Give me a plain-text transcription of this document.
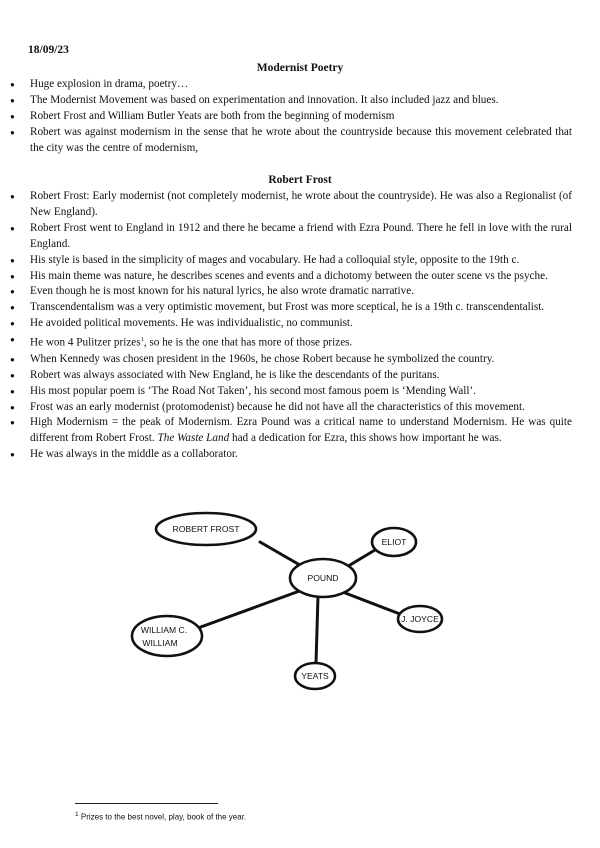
18/09/23
Modernist Poetry
● Huge explosion in drama, poetry…
● The Modernist Movement was based on experimentation and innovation. It also included jazz and blues.
● Robert Frost and William Butler Yeats are both from the beginning of modernism
● Robert was against modernism in the sense that he wrote about the countryside because this movement celebrated that the city was the centre of modernism,
Robert Frost
● Robert Frost: Early modernist (not completely modernist, he wrote about the countryside). He was also a Regionalist (of New England).
● Robert Frost went to England in 1912 and there he became a friend with Ezra Pound. There he fell in love with the rural England.
● His style is based in the simplicity of mages and vocabulary. He had a colloquial style, opposite to the 19th c.
● His main theme was nature, he describes scenes and events and a dichotomy between the outer scene vs the psyche.
● Even though he is most known for his natural lyrics, he also wrote dramatic narrative.
● Transcendentalism was a very optimistic movement, but Frost was more sceptical, he is a 19th c. transcendentalist.
● He avoided political movements. He was individualistic, no communist.
● He won 4 Pulitzer prizes$^1$, so he is the one that has more of those prizes.
● When Kennedy was chosen president in the 1960s, he chose Robert because he symbolized the country.
● Robert was always associated with New England, he is like the descendants of the puritans.
● His most popular poem is ‘The Road Not Taken’, his second most famous poem is ‘Mending Wall’.
● Frost was an early modernist (protomodenist) because he did not have all the characteristics of this movement.
● High Modernism = the peak of Modernism. Ezra Pound was a critical name to understand Modernism. He was quite different from Robert Frost. The Waste Land had a dedication for Ezra, this shows how important he was.
● He was always in the middle as a collaborator.
ROBERT FROST
ELIOT
POUND
J. JOYCE
WILLIAM C.
WILLIAM
YEATS
$^1$ Prizes to the best novel, play, book of the year.
